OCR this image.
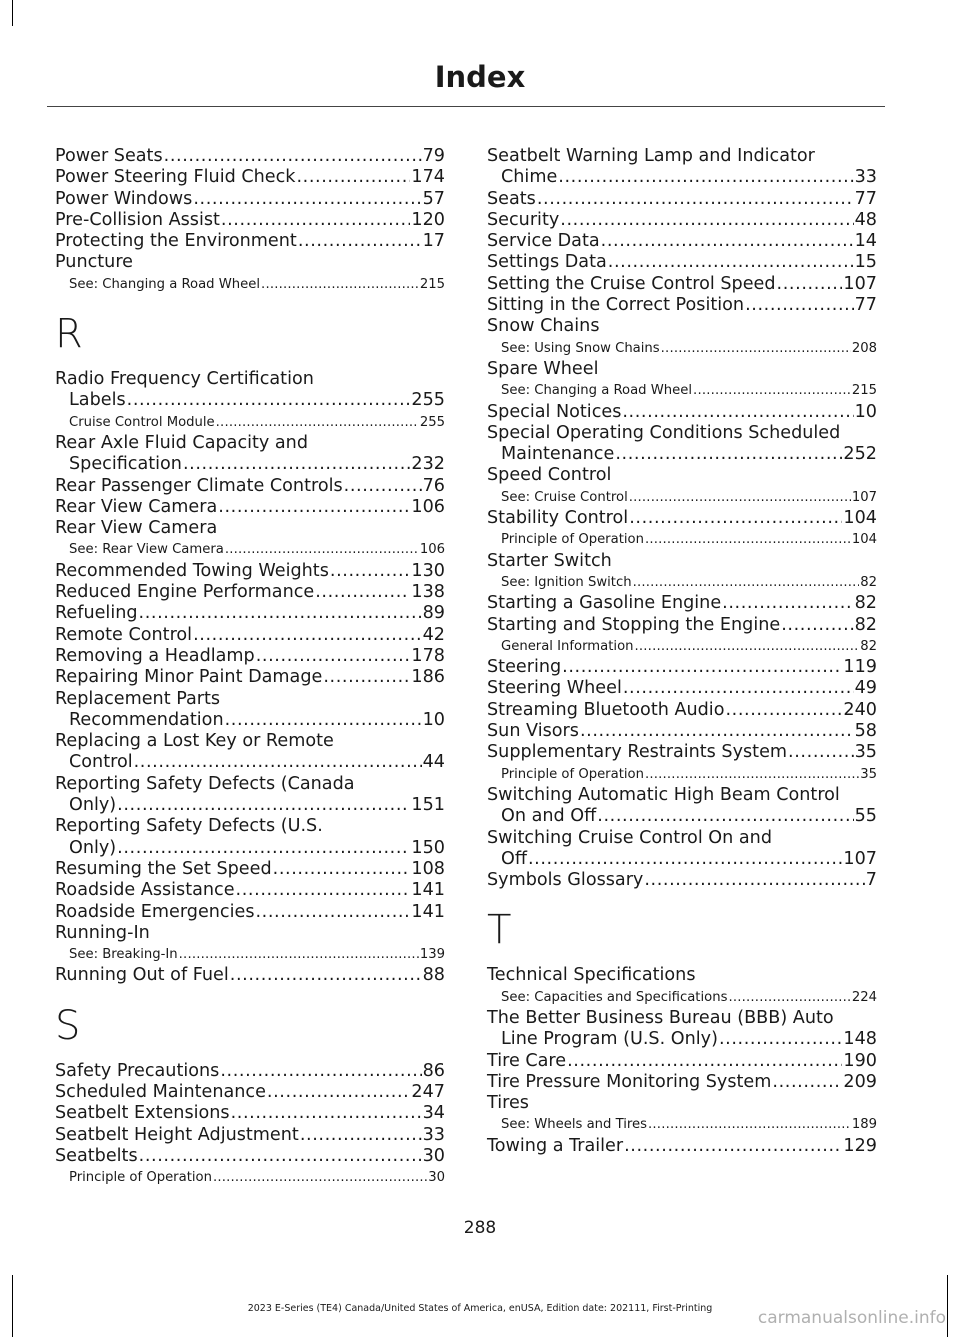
Index
Power Seats .....	79
Power Steering Fluid Check .....	174
Power Windows .....	57
Pre-Collision Assist .....	120
Protecting the Environment .....	17
Puncture
See: Changing a Road Wheel .....	215
R
Radio Frequency Certification
Labels .....	255
Cruise Control Module .....	255
Rear Axle Fluid Capacity and
Specification .....	232
Rear Passenger Climate Controls .....	76
Rear View Camera .....	106
Rear View Camera
See: Rear View Camera .....	106
Recommended Towing Weights .....	130
Reduced Engine Performance .....	138
Refueling .....	89
Remote Control .....	42
Removing a Headlamp .....	178
Repairing Minor Paint Damage .....	186
Replacement Parts
Recommendation .....	10
Replacing a Lost Key or Remote
Control .....	44
Reporting Safety Defects (Canada
Only) .....	151
Reporting Safety Defects (U.S.
Only) .....	150
Resuming the Set Speed .....	108
Roadside Assistance .....	141
Roadside Emergencies .....	141
Running-In
See: Breaking-In .....	139
Running Out of Fuel .....	88
S
Safety Precautions .....	86
Scheduled Maintenance .....	247
Seatbelt Extensions .....	34
Seatbelt Height Adjustment .....	33
Seatbelts .....	30
Principle of Operation .....	30
Seatbelt Warning Lamp and Indicator
Chime .....	33
Seats .....	77
Security .....	48
Service Data .....	14
Settings Data .....	15
Setting the Cruise Control Speed .....	107
Sitting in the Correct Position .....	77
Snow Chains
See: Using Snow Chains .....	208
Spare Wheel
See: Changing a Road Wheel .....	215
Special Notices .....	10
Special Operating Conditions Scheduled
Maintenance .....	252
Speed Control
See: Cruise Control .....	107
Stability Control .....	104
Principle of Operation .....	104
Starter Switch
See: Ignition Switch .....	82
Starting a Gasoline Engine .....	82
Starting and Stopping the Engine .....	82
General Information .....	82
Steering .....	119
Steering Wheel .....	49
Streaming Bluetooth Audio .....	240
Sun Visors .....	58
Supplementary Restraints System .....	35
Principle of Operation .....	35
Switching Automatic High Beam Control
On and Off .....	55
Switching Cruise Control On and
Off .....	107
Symbols Glossary .....	7
T
Technical Specifications
See: Capacities and Specifications .....	224
The Better Business Bureau (BBB) Auto
Line Program (U.S. Only) .....	148
Tire Care .....	190
Tire Pressure Monitoring System .....	209
Tires
See: Wheels and Tires .....	189
Towing a Trailer .....	129
288
2023 E-Series (TE4) Canada/United States of America, enUSA, Edition date: 202111, First-Printing	carmanualsonline.info
